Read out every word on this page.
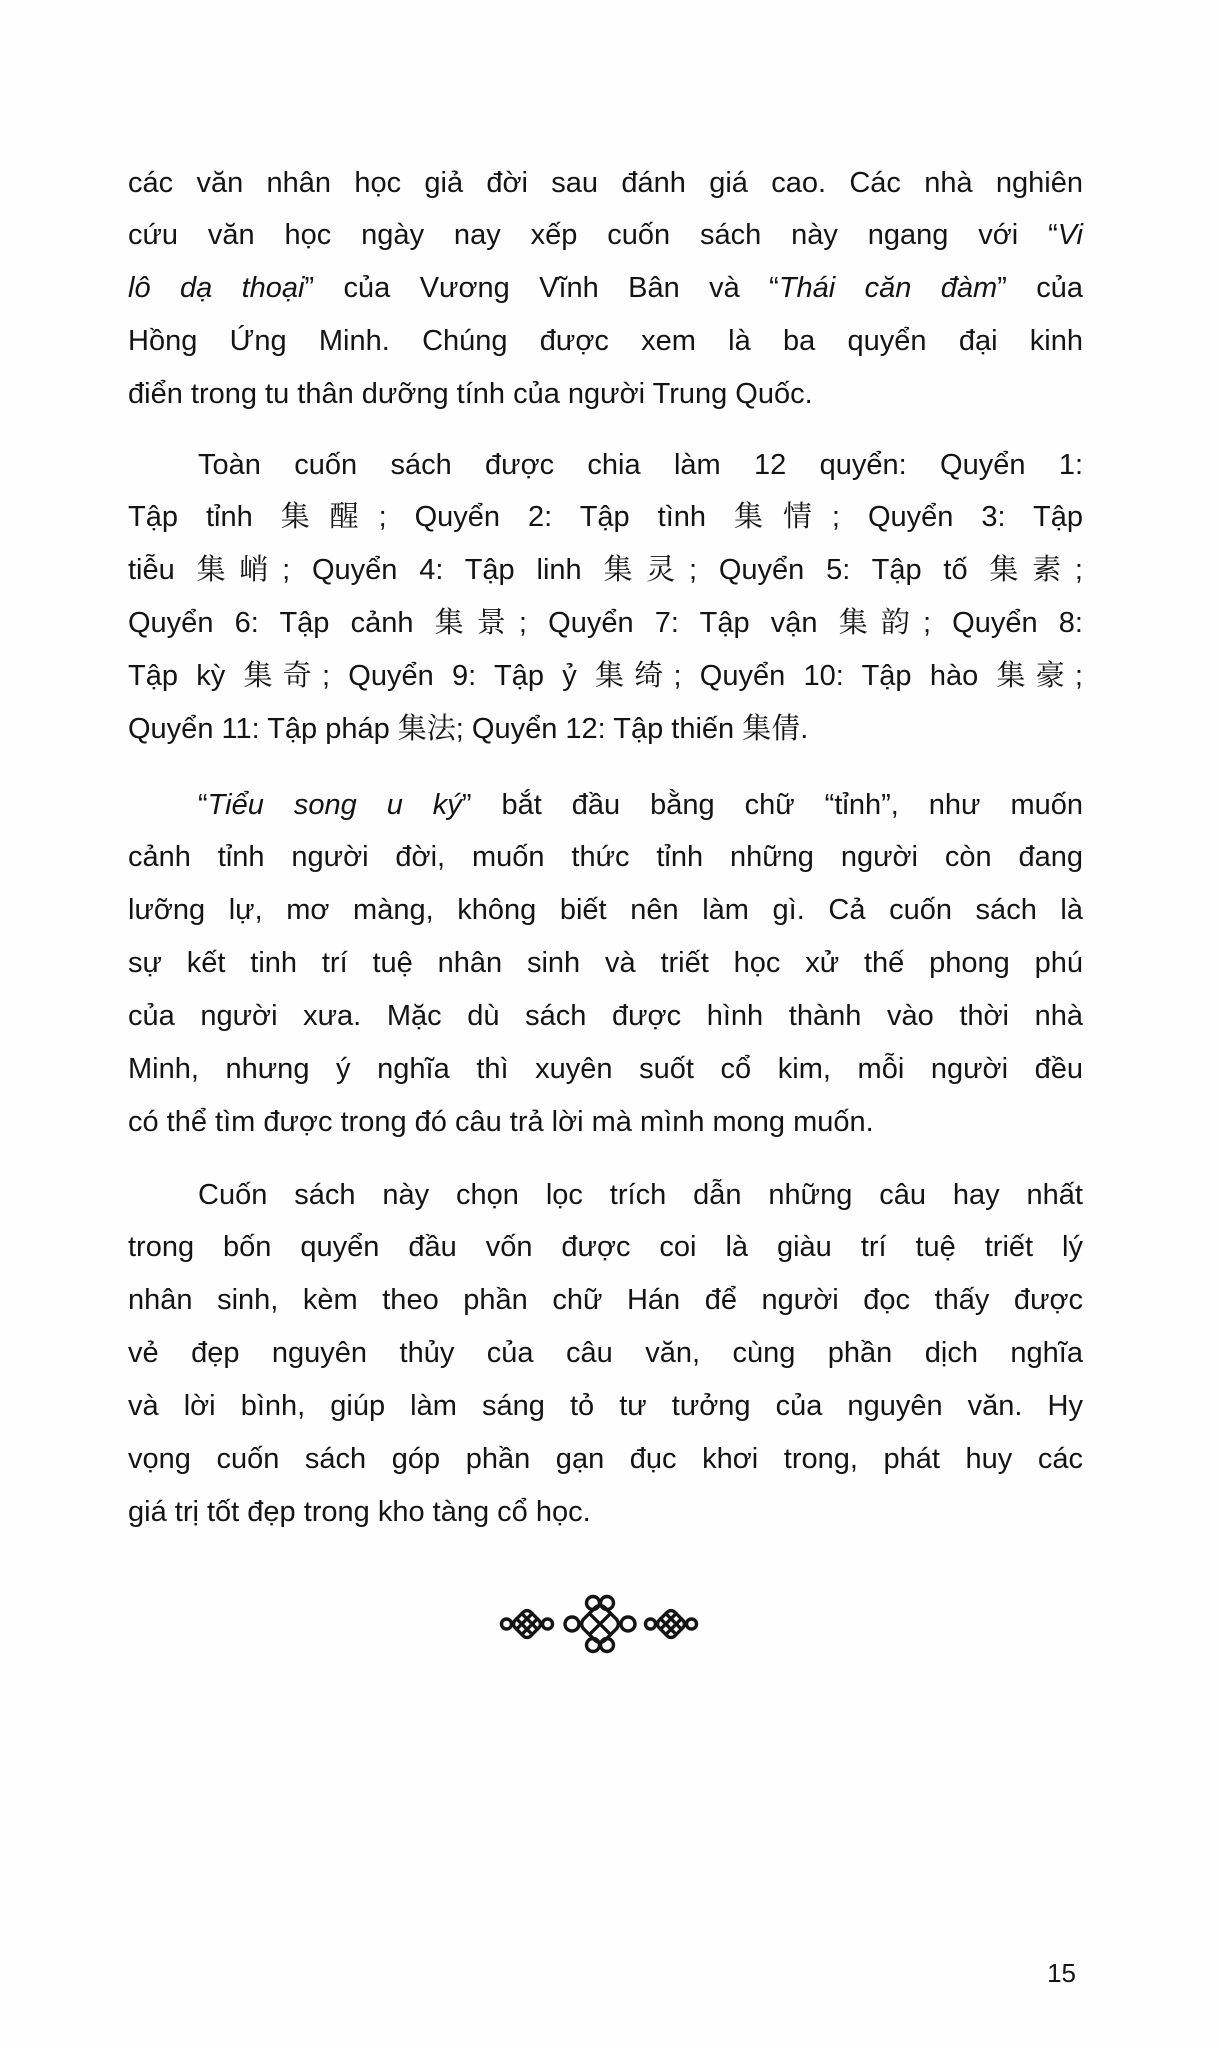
các văn nhân học giả đời sau đánh giá cao. Các nhà nghiên
cứu văn học ngày nay xếp cuốn sách này ngang với “Vi
lô dạ thoại” của Vương Vĩnh Bân và “Thái căn đàm” của
Hồng Ứng Minh. Chúng được xem là ba quyển đại kinh
điển trong tu thân dưỡng tính của người Trung Quốc.
Toàn cuốn sách được chia làm 12 quyển: Quyển 1:
Tập tỉnh 集醒; Quyển 2: Tập tình 集情; Quyển 3: Tập
tiễu 集峭; Quyển 4: Tập linh 集灵; Quyển 5: Tập tố 集素;
Quyển 6: Tập cảnh 集景; Quyển 7: Tập vận 集韵; Quyển 8:
Tập kỳ 集奇; Quyển 9: Tập ỷ 集绮; Quyển 10: Tập hào 集豪;
Quyển 11: Tập pháp 集法; Quyển 12: Tập thiến 集倩.
“Tiểu song u ký” bắt đầu bằng chữ “tỉnh”, như muốn
cảnh tỉnh người đời, muốn thức tỉnh những người còn đang
lưỡng lự, mơ màng, không biết nên làm gì. Cả cuốn sách là
sự kết tinh trí tuệ nhân sinh và triết học xử thế phong phú
của người xưa. Mặc dù sách được hình thành vào thời nhà
Minh, nhưng ý nghĩa thì xuyên suốt cổ kim, mỗi người đều
có thể tìm được trong đó câu trả lời mà mình mong muốn.
Cuốn sách này chọn lọc trích dẫn những câu hay nhất
trong bốn quyển đầu vốn được coi là giàu trí tuệ triết lý
nhân sinh, kèm theo phần chữ Hán để người đọc thấy được
vẻ đẹp nguyên thủy của câu văn, cùng phần dịch nghĩa
và lời bình, giúp làm sáng tỏ tư tưởng của nguyên văn. Hy
vọng cuốn sách góp phần gạn đục khơi trong, phát huy các
giá trị tốt đẹp trong kho tàng cổ học.
15
